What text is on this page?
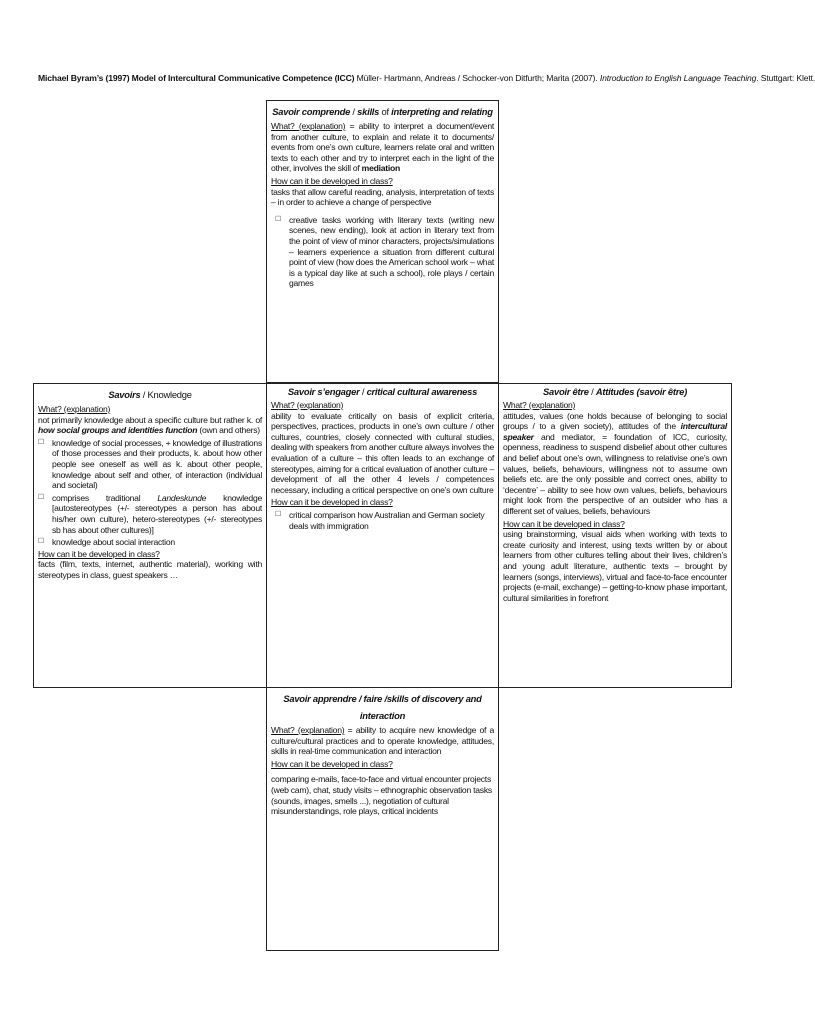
Michael Byram’s (1997) Model of Intercultural Communicative Competence (ICC) Müller- Hartmann, Andreas / Schocker-von Ditfurth; Marita (2007). Introduction to English Language Teaching. Stuttgart: Klett.
Savoir comprende / skills of interpreting and relating
What? (explanation) = ability to interpret a document/event from another culture, to explain and relate it to documents/ events from one’s own culture, learners relate oral and written texts to each other and try to interpret each in the light of the other, involves the skill of mediation
How can it be developed in class?
tasks that allow careful reading, analysis, interpretation of texts – in order to achieve a change of perspective
☐ creative tasks working with literary texts (writing new scenes, new ending), look at action in literary text from the point of view of minor characters, projects/simulations – learners experience a situation from different cultural point of view (how does the American school work – what is a typical day like at such a school), role plays / certain games
Savoirs / Knowledge
What? (explanation)
not primarily knowledge about a specific culture but rather k. of how social groups and identities function (own and others)
☐ knowledge of social processes, + knowledge of illustrations of those processes and their products, k. about how other people see oneself as well as k. about other people, knowledge about self and other, of interaction (individual and societal)
☐ comprises traditional Landeskunde knowledge [autostereotypes (+/- stereotypes a person has about his/her own culture), hetero-stereotypes (+/- stereotypes sb has about other cultures)]
☐ knowledge about social interaction
How can it be developed in class?
facts (film, texts, internet, authentic material), working with stereotypes in class, guest speakers …
Savoir s’engager / critical cultural awareness
What? (explanation)
ability to evaluate critically on basis of explicit criteria, perspectives, practices, products in one’s own culture / other cultures, countries, closely connected with cultural studies, dealing with speakers from another culture always involves the evaluation of a culture – this often leads to an exchange of stereotypes, aiming for a critical evaluation of another culture – development of all the other 4 levels / competences necessary, including a critical perspective on one’s own culture
How can it be developed in class?
☐ critical comparison how Australian and German society deals with immigration
Savoir être / Attitudes (savoir être)
What? (explanation)
attitudes, values (one holds because of belonging to social groups / to a given society), attitudes of the intercultural speaker and mediator, = foundation of ICC, curiosity, openness, readiness to suspend disbelief about other cultures and belief about one’s own, willingness to relativise one’s own values, beliefs, behaviours, willingness not to assume own beliefs etc. are the only possible and correct ones, ability to ‘decentre’ – ability to see how own values, beliefs, behaviours might look from the perspective of an outsider who has a different set of values, beliefs, behaviours
How can it be developed in class?
using brainstorming, visual aids when working with texts to create curiosity and interest, using texts written by or about learners from other cultures telling about their lives, children’s and young adult literature, authentic texts – brought by learners (songs, interviews), virtual and face-to-face encounter projects (e-mail, exchange) – getting-to-know phase important, cultural similarities in forefront
Savoir apprendre / faire /skills of discovery and interaction
What? (explanation) = ability to acquire new knowledge of a culture/cultural practices and to operate knowledge, attitudes, skills in real-time communication and interaction
How can it be developed in class?
comparing e-mails, face-to-face and virtual encounter projects (web cam), chat, study visits – ethnographic observation tasks (sounds, images, smells ...), negotiation of cultural misunderstandings, role plays, critical incidents
